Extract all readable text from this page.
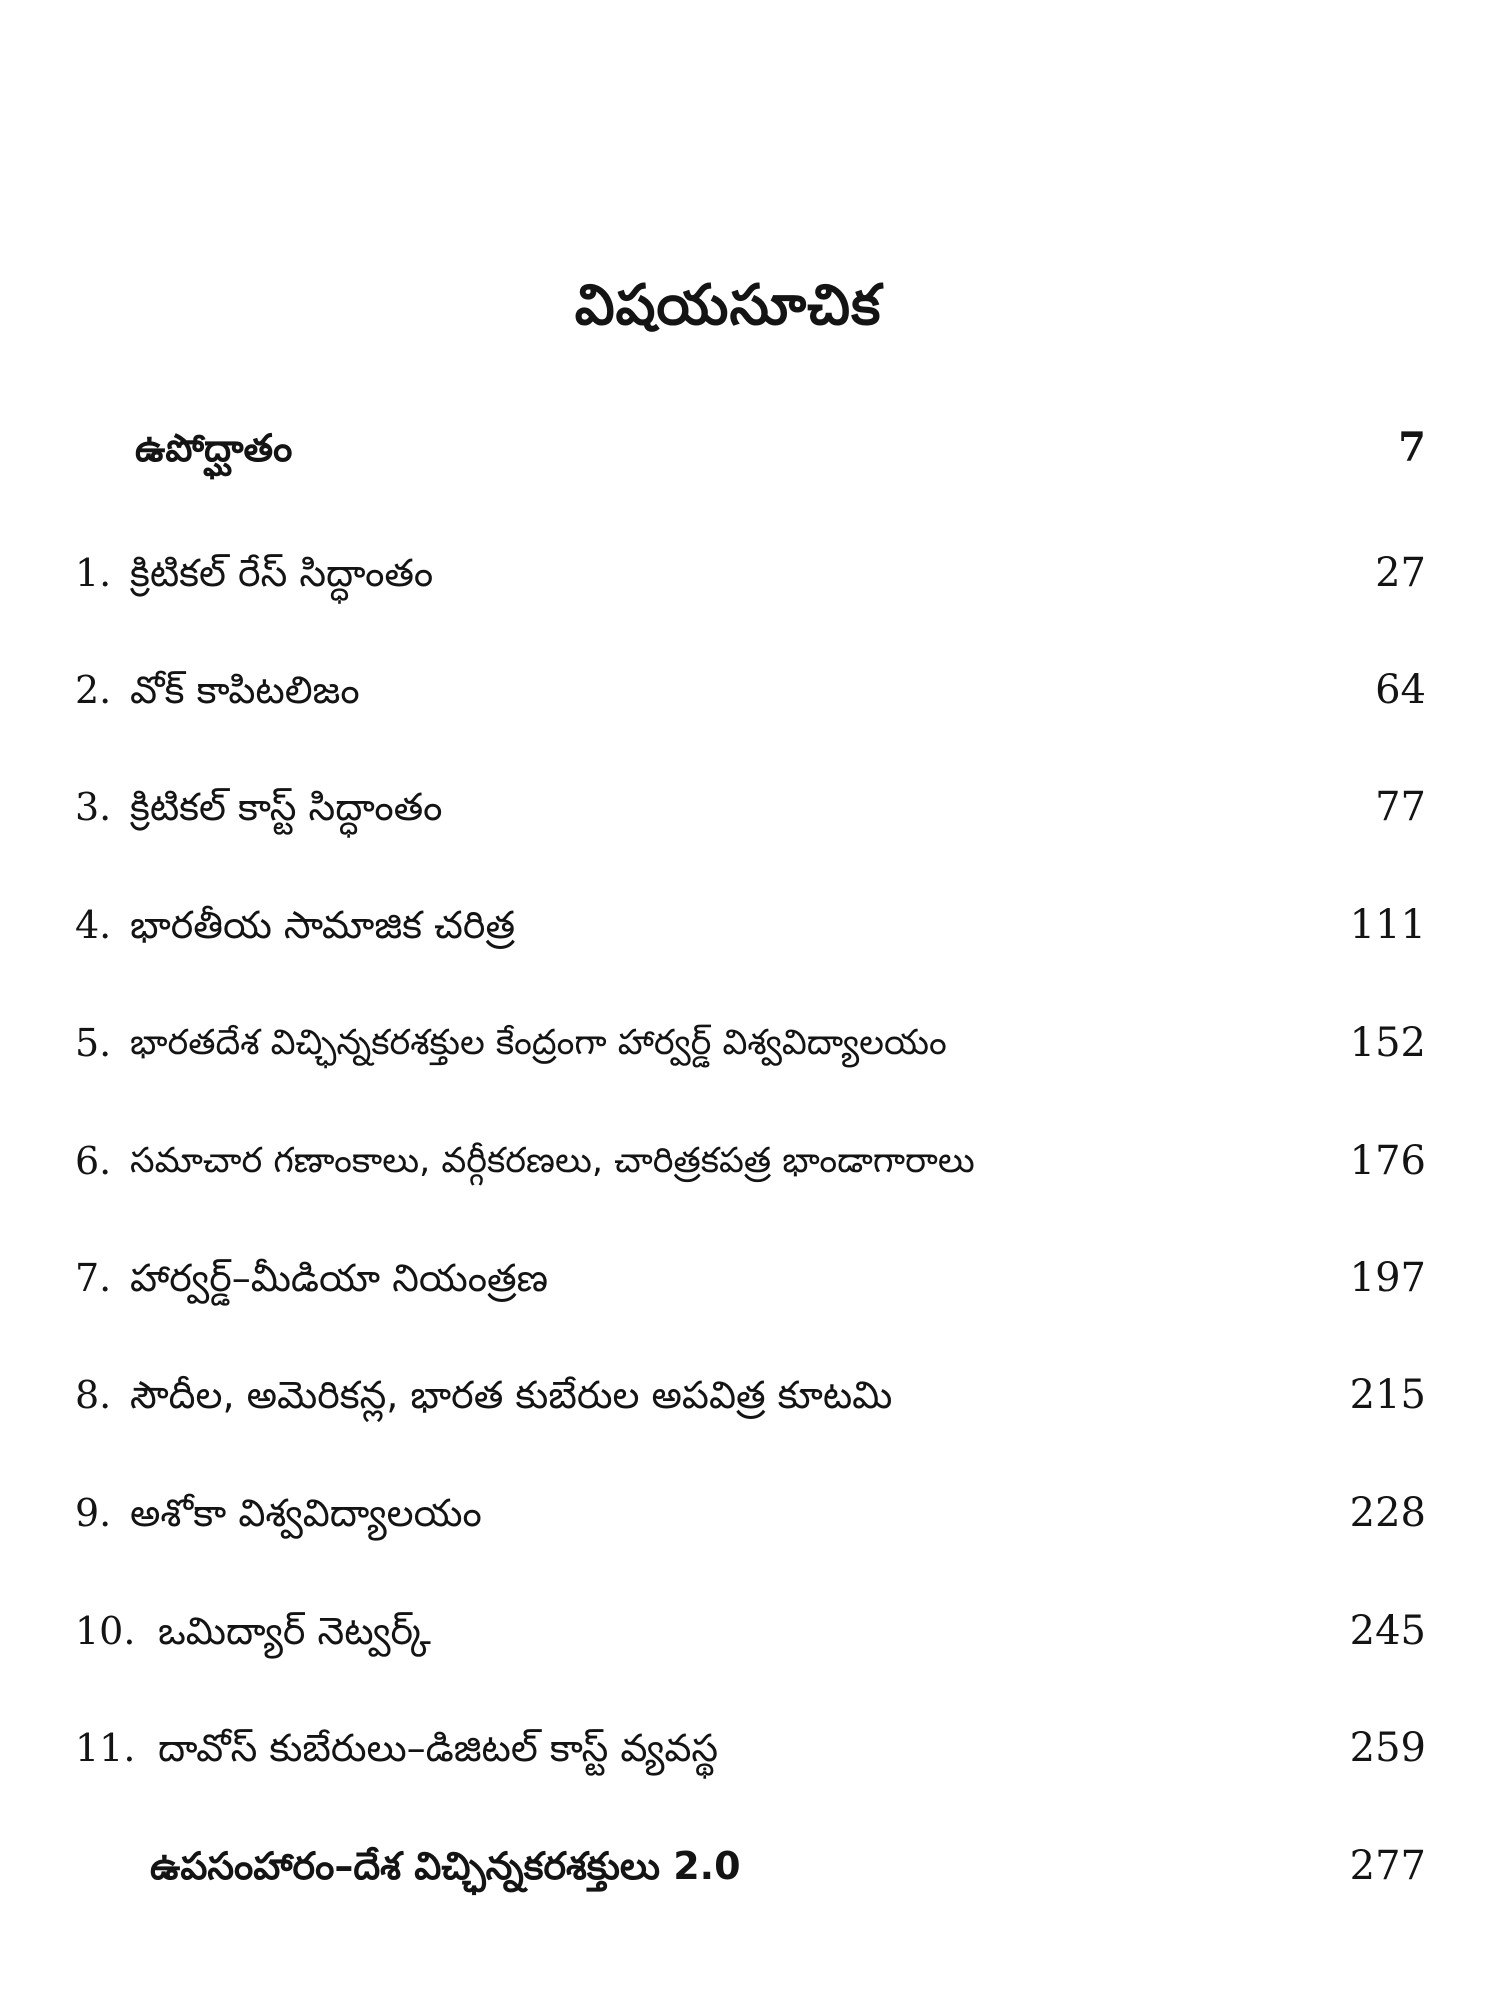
విషయసూచిక
ఉపోద్ఘాతం	7
1. క్రిటికల్ రేస్ సిద్ధాంతం	27
2. వోక్ కాపిటలిజం	64
3. క్రిటికల్ కాస్ట్ సిద్ధాంతం	77
4. భారతీయ సామాజిక చరిత్ర	111
5. భారతదేశ విచ్ఛిన్నకరశక్తుల కేంద్రంగా హార్వర్డ్ విశ్వవిద్యాలయం	152
6. సమాచార గణాంకాలు, వర్గీకరణలు, చారిత్రకపత్ర భాండాగారాలు	176
7. హార్వర్డ్–మీడియా నియంత్రణ	197
8. సౌదీల, అమెరికన్ల, భారత కుబేరుల అపవిత్ర కూటమి	215
9. అశోకా విశ్వవిద్యాలయం	228
10. ఒమిద్యార్ నెట్వర్క్	245
11. దావోస్ కుబేరులు–డిజిటల్ కాస్ట్ వ్యవస్థ	259
ఉపసంహారం–దేశ విచ్ఛిన్నకరశక్తులు 2.0	277
